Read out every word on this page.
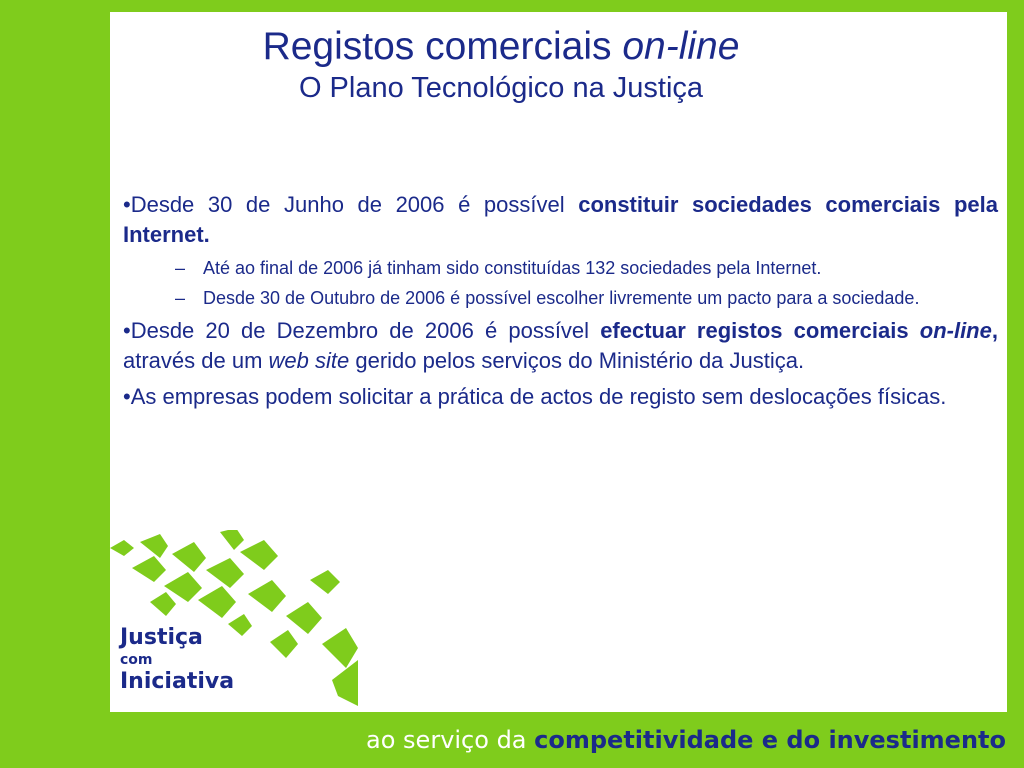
Registos comerciais on-line
O Plano Tecnológico na Justiça

•Desde 30 de Junho de 2006 é possível constituir sociedades comerciais pela Internet.

– Até ao final de 2006 já tinham sido constituídas 132 sociedades pela Internet.

– Desde 30 de Outubro de 2006 é possível escolher livremente um pacto para a sociedade.

•Desde 20 de Dezembro de 2006 é possível efectuar registos comerciais on-line, através de um web site gerido pelos serviços do Ministério da Justiça.

•As empresas podem solicitar a prática de actos de registo sem deslocações físicas.

Justiça
com
Iniciativa
ao serviço da competitividade e do investimento
